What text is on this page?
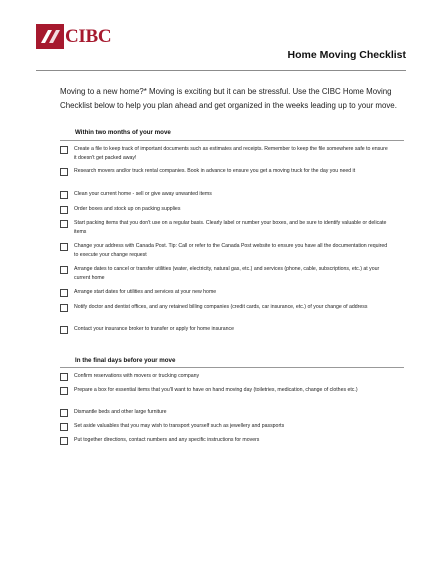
CIBC
Home Moving Checklist
Moving to a new home?* Moving is exciting but it can be stressful. Use the CIBC Home Moving Checklist below to help you plan ahead and get organized in the weeks leading up to your move.
Within two months of your move
Create a file to keep track of important documents such as estimates and receipts. Remember to keep the file somewhere safe to ensure it doesn't get packed away!
Research movers and/or truck rental companies. Book in advance to ensure you get a moving truck for the day you need it
Clean your current home - sell or give away unwanted items
Order boxes and stock up on packing supplies
Start packing items that you don't use on a regular basis. Clearly label or number your boxes, and be sure to identify valuable or delicate items
Change your address with Canada Post. Tip: Call or refer to the Canada Post website to ensure you have all the documentation required to execute your change request
Arrange dates to cancel or transfer utilities (water, electricity, natural gas, etc.) and services (phone, cable, subscriptions, etc.) at your current home
Arrange start dates for utilities and services at your new home
Notify doctor and dentist offices, and any retained billing companies (credit cards, car insurance, etc.) of your change of address
Contact your insurance broker to transfer or apply for home insurance
In the final days before your move
Confirm reservations with movers or trucking company
Prepare a box for essential items that you'll want to have on hand moving day (toiletries, medication, change of clothes etc.)
Dismantle beds and other large furniture
Set aside valuables that you may wish to transport yourself such as jewellery and passports
Put together directions, contact numbers and any specific instructions for movers
